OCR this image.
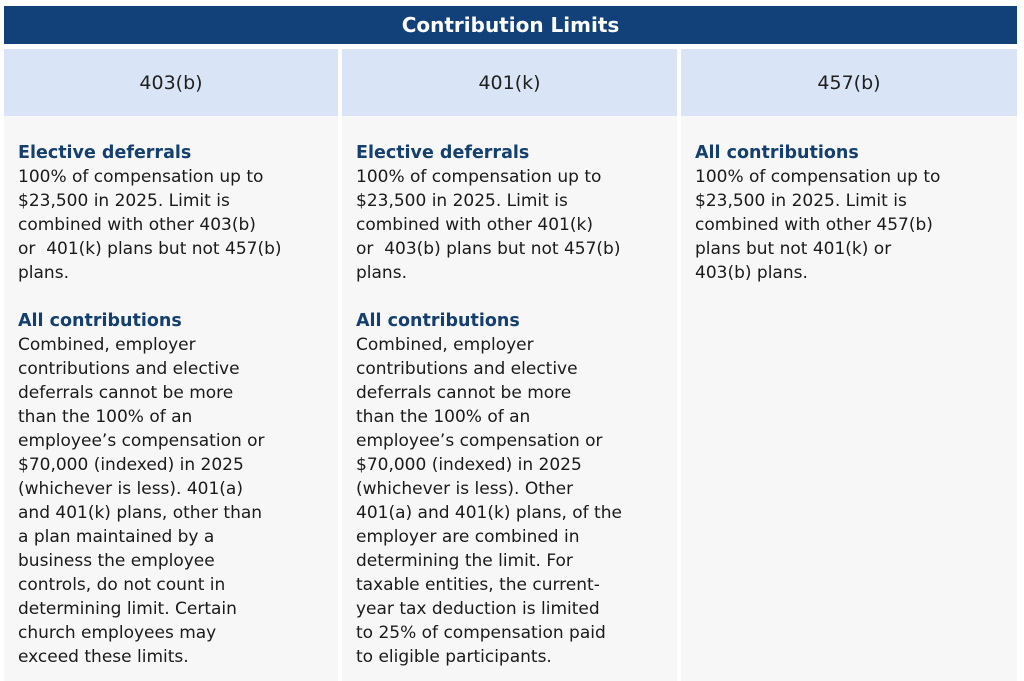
Contribution Limits
403(b)	401(k)	457(b)
Elective deferrals
100% of compensation up to
$23,500 in 2025. Limit is
combined with other 403(b)
or  401(k) plans but not 457(b)
plans.
All contributions
Combined, employer
contributions and elective
deferrals cannot be more
than the 100% of an
employee’s compensation or
$70,000 (indexed) in 2025
(whichever is less). 401(a)
and 401(k) plans, other than
a plan maintained by a
business the employee
controls, do not count in
determining limit. Certain
church employees may
exceed these limits.
Elective deferrals
100% of compensation up to
$23,500 in 2025. Limit is
combined with other 401(k)
or  403(b) plans but not 457(b)
plans.
All contributions
Combined, employer
contributions and elective
deferrals cannot be more
than the 100% of an
employee’s compensation or
$70,000 (indexed) in 2025
(whichever is less). Other
401(a) and 401(k) plans, of the
employer are combined in
determining the limit. For
taxable entities, the current-
year tax deduction is limited
to 25% of compensation paid
to eligible participants.
All contributions
100% of compensation up to
$23,500 in 2025. Limit is
combined with other 457(b)
plans but not 401(k) or
403(b) plans.
